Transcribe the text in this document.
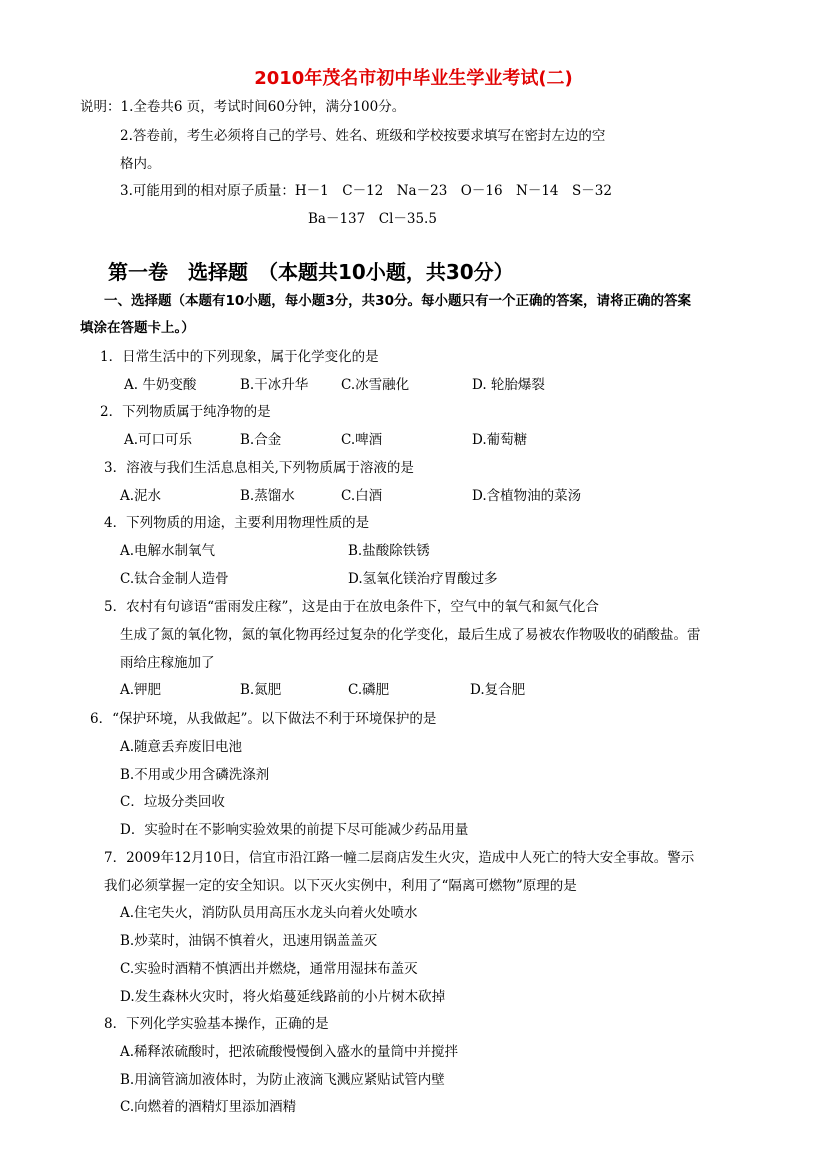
2010年茂名市初中毕业生学业考试(二)
说明：1.全卷共6 页，考试时间60分钟，满分100分。
2.答卷前，考生必须将自己的学号、姓名、班级和学校按要求填写在密封左边的空
格内。
3.可能用到的相对原子质量：H－1　C－12　Na－23　O－16　N－14　S－32
Ba－137　Cl－35.5
第一卷　选择题　（本题共10小题，共30分）
一、选择题（本题有10小题，每小题3分，共30分。每小题只有一个正确的答案，请将正确的答案
填涂在答题卡上。）
1．日常生活中的下列现象，属于化学变化的是
A. 牛奶变酸	B.干冰升华 C.冰雪融化	D. 轮胎爆裂
2．下列物质属于纯净物的是
A.可口可乐	B.合金	C.啤酒	D.葡萄糖
3．溶液与我们生活息息相关,下列物质属于溶液的是
A.泥水	B.蒸馏水	C.白酒	D.含植物油的菜汤
4．下列物质的用途，主要利用物理性质的是
A.电解水制氧气	B.盐酸除铁锈
C.钛合金制人造骨	D.氢氧化镁治疗胃酸过多
5．农村有句谚语“雷雨发庄稼”，这是由于在放电条件下，空气中的氧气和氮气化合
生成了氮的氧化物，氮的氧化物再经过复杂的化学变化，最后生成了易被农作物吸收的硝酸盐。雷
雨给庄稼施加了
A.钾肥	B.氮肥	C.磷肥	D.复合肥
6．“保护环境，从我做起”。以下做法不利于环境保护的是
A.随意丢弃废旧电池
B.不用或少用含磷洗涤剂
C．垃圾分类回收
D．实验时在不影响实验效果的前提下尽可能减少药品用量
7．2009年12月10日，信宜市沿江路一幢二层商店发生火灾，造成中人死亡的特大安全事故。警示
我们必须掌握一定的安全知识。以下灭火实例中，利用了“隔离可燃物”原理的是
A.住宅失火，消防队员用高压水龙头向着火处喷水
B.炒菜时，油锅不慎着火，迅速用锅盖盖灭
C.实验时酒精不慎洒出并燃烧，通常用湿抹布盖灭
D.发生森林火灾时，将火焰蔓延线路前的小片树木砍掉
8．下列化学实验基本操作，正确的是
A.稀释浓硫酸时，把浓硫酸慢慢倒入盛水的量筒中并搅拌
B.用滴管滴加液体时，为防止液滴飞溅应紧贴试管内壁
C.向燃着的酒精灯里添加酒精
